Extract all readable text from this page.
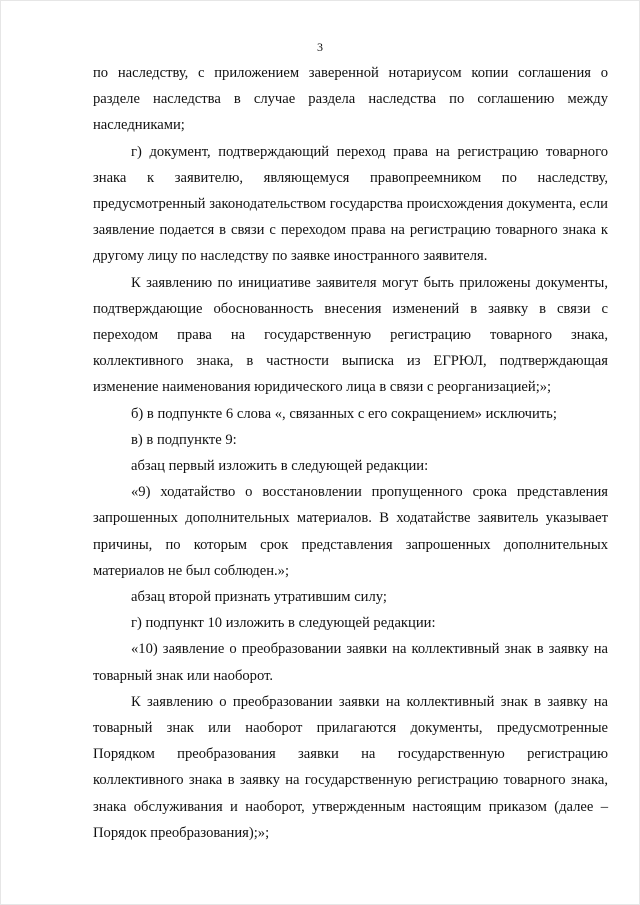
3

по наследству, с приложением заверенной нотариусом копии соглашения о разделе наследства в случае раздела наследства по соглашению между наследниками;

г) документ, подтверждающий переход права на регистрацию товарного знака к заявителю, являющемуся правопреемником по наследству, предусмотренный законодательством государства происхождения документа, если заявление подается в связи с переходом права на регистрацию товарного знака к другому лицу по наследству по заявке иностранного заявителя.

К заявлению по инициативе заявителя могут быть приложены документы, подтверждающие обоснованность внесения изменений в заявку в связи с переходом права на государственную регистрацию товарного знака, коллективного знака, в частности выписка из ЕГРЮЛ, подтверждающая изменение наименования юридического лица в связи с реорганизацией;»;

б) в подпункте 6 слова «, связанных с его сокращением» исключить;

в) в подпункте 9:

абзац первый изложить в следующей редакции:

«9) ходатайство о восстановлении пропущенного срока представления запрошенных дополнительных материалов. В ходатайстве заявитель указывает причины, по которым срок представления запрошенных дополнительных материалов не был соблюден.»;

абзац второй признать утратившим силу;

г) подпункт 10 изложить в следующей редакции:

«10) заявление о преобразовании заявки на коллективный знак в заявку на товарный знак или наоборот.

К заявлению о преобразовании заявки на коллективный знак в заявку на товарный знак или наоборот прилагаются документы, предусмотренные Порядком преобразования заявки на государственную регистрацию коллективного знака в заявку на государственную регистрацию товарного знака, знака обслуживания и наоборот, утвержденным настоящим приказом (далее – Порядок преобразования);»;
